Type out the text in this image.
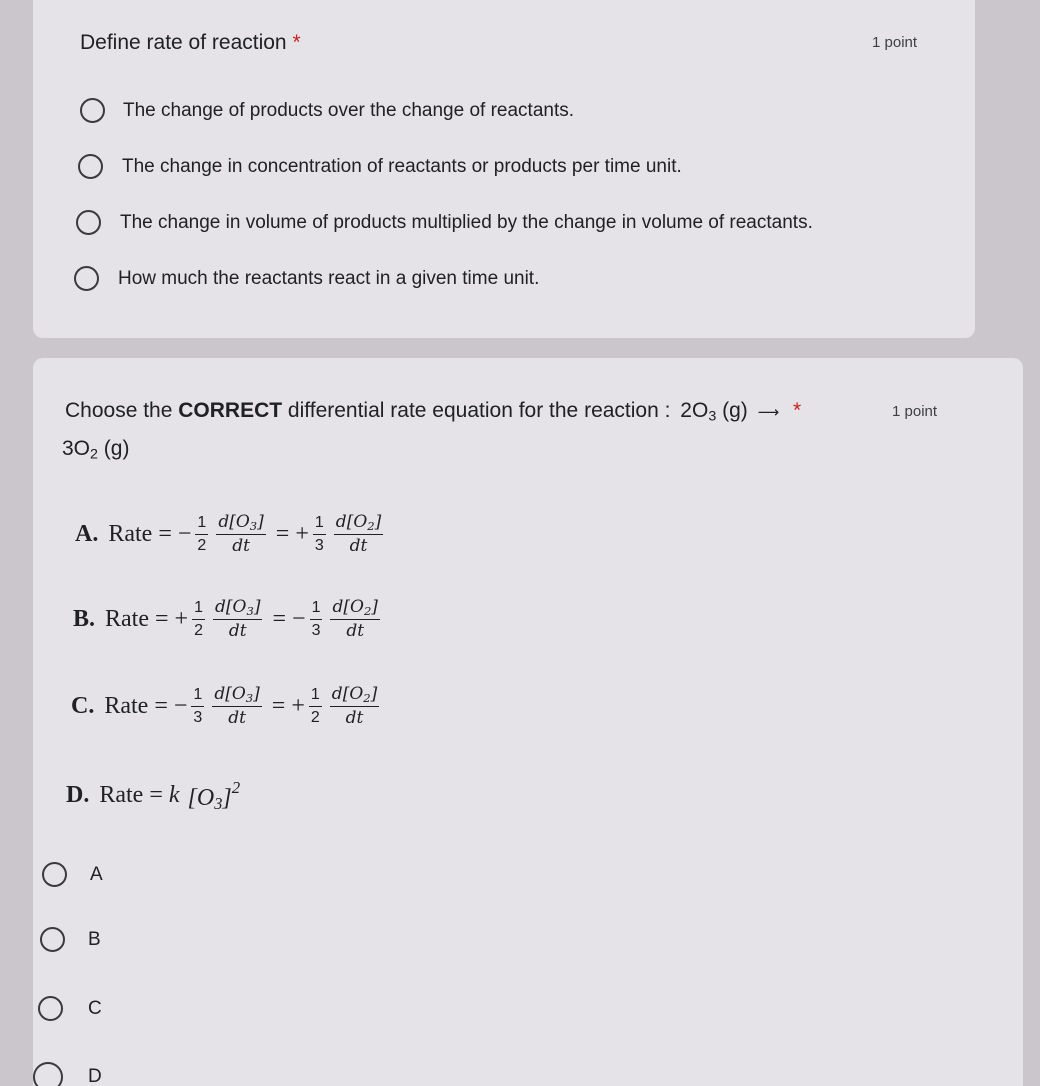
Define rate of reaction *	1 point
The change of products over the change of reactants.
The change in concentration of reactants or products per time unit.
The change in volume of products multiplied by the change in volume of reactants.
How much the reactants react in a given time unit.
Choose the CORRECT differential rate equation for the reaction : $2O_3$ (g) ⟶ *	1 point
$3O_2$ (g)
A. Rate = − $\frac{1}{2} \frac{d[O_3]}{dt}$ = + $\frac{1}{3} \frac{d[O_2]}{dt}$
B. Rate = + $\frac{1}{2} \frac{d[O_3]}{dt}$ = − $\frac{1}{3} \frac{d[O_2]}{dt}$
C. Rate = − $\frac{1}{3} \frac{d[O_3]}{dt}$ = + $\frac{1}{2} \frac{d[O_2]}{dt}$
D. Rate = k $[O_3]^2$
A
B
C
D
